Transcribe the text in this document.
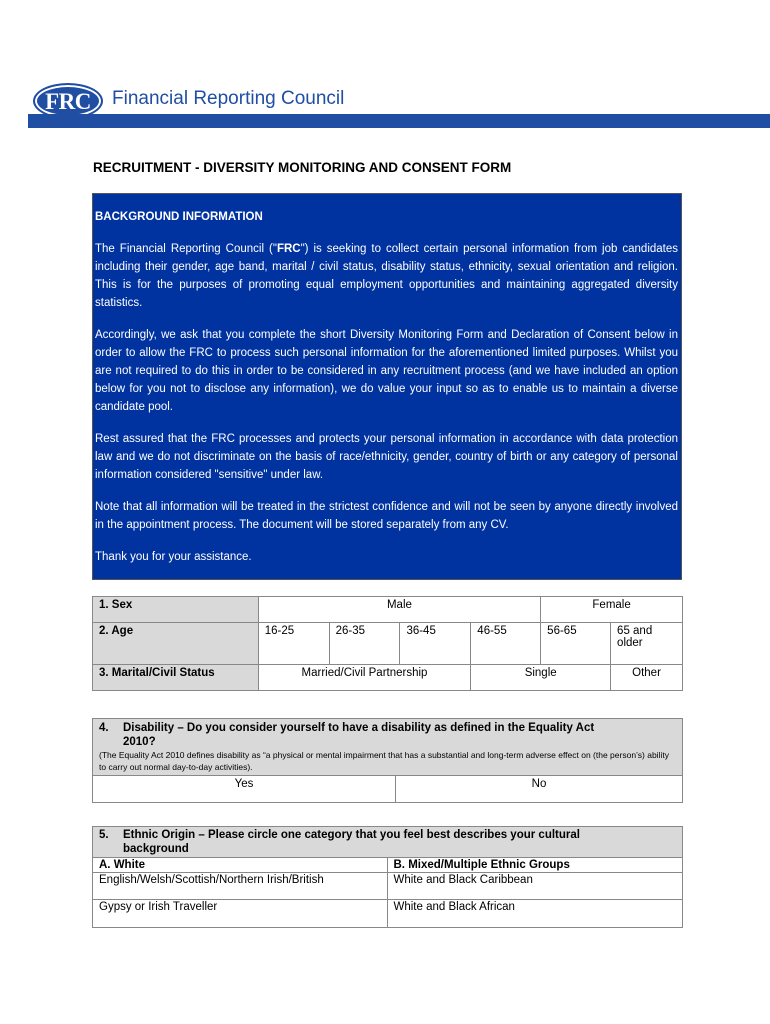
FRC	Financial Reporting Council
RECRUITMENT - DIVERSITY MONITORING AND CONSENT FORM
BACKGROUND INFORMATION

The Financial Reporting Council ("FRC") is seeking to collect certain personal information from job candidates including their gender, age band, marital / civil status, disability status, ethnicity, sexual orientation and religion. This is for the purposes of promoting equal employment opportunities and maintaining aggregated diversity statistics.

Accordingly, we ask that you complete the short Diversity Monitoring Form and Declaration of Consent below in order to allow the FRC to process such personal information for the aforementioned limited purposes. Whilst you are not required to do this in order to be considered in any recruitment process (and we have included an option below for you not to disclose any information), we do value your input so as to enable us to maintain a diverse candidate pool.

Rest assured that the FRC processes and protects your personal information in accordance with data protection law and we do not discriminate on the basis of race/ethnicity, gender, country of birth or any category of personal information considered "sensitive" under law.

Note that all information will be treated in the strictest confidence and will not be seen by anyone directly involved in the appointment process. The document will be stored separately from any CV.

Thank you for your assistance.

1. Sex	Male				Female	
2. Age	16-25	26-35	36-45	46-55	56-65	65 and older
3. Marital/Civil Status	Married/Civil Partnership			Single		Other
4. Disability – Do you consider yourself to have a disability as defined in the Equality Act
2010?
(The Equality Act 2010 defines disability as “a physical or mental impairment that has a substantial and long-term adverse effect on (the person’s) ability to carry out normal day-to-day activities).
Yes	No
5. Ethnic Origin – Please circle one category that you feel best describes your cultural
background
A. White	B. Mixed/Multiple Ethnic Groups
English/Welsh/Scottish/Northern Irish/British	White and Black Caribbean
Gypsy or Irish Traveller	White and Black African
